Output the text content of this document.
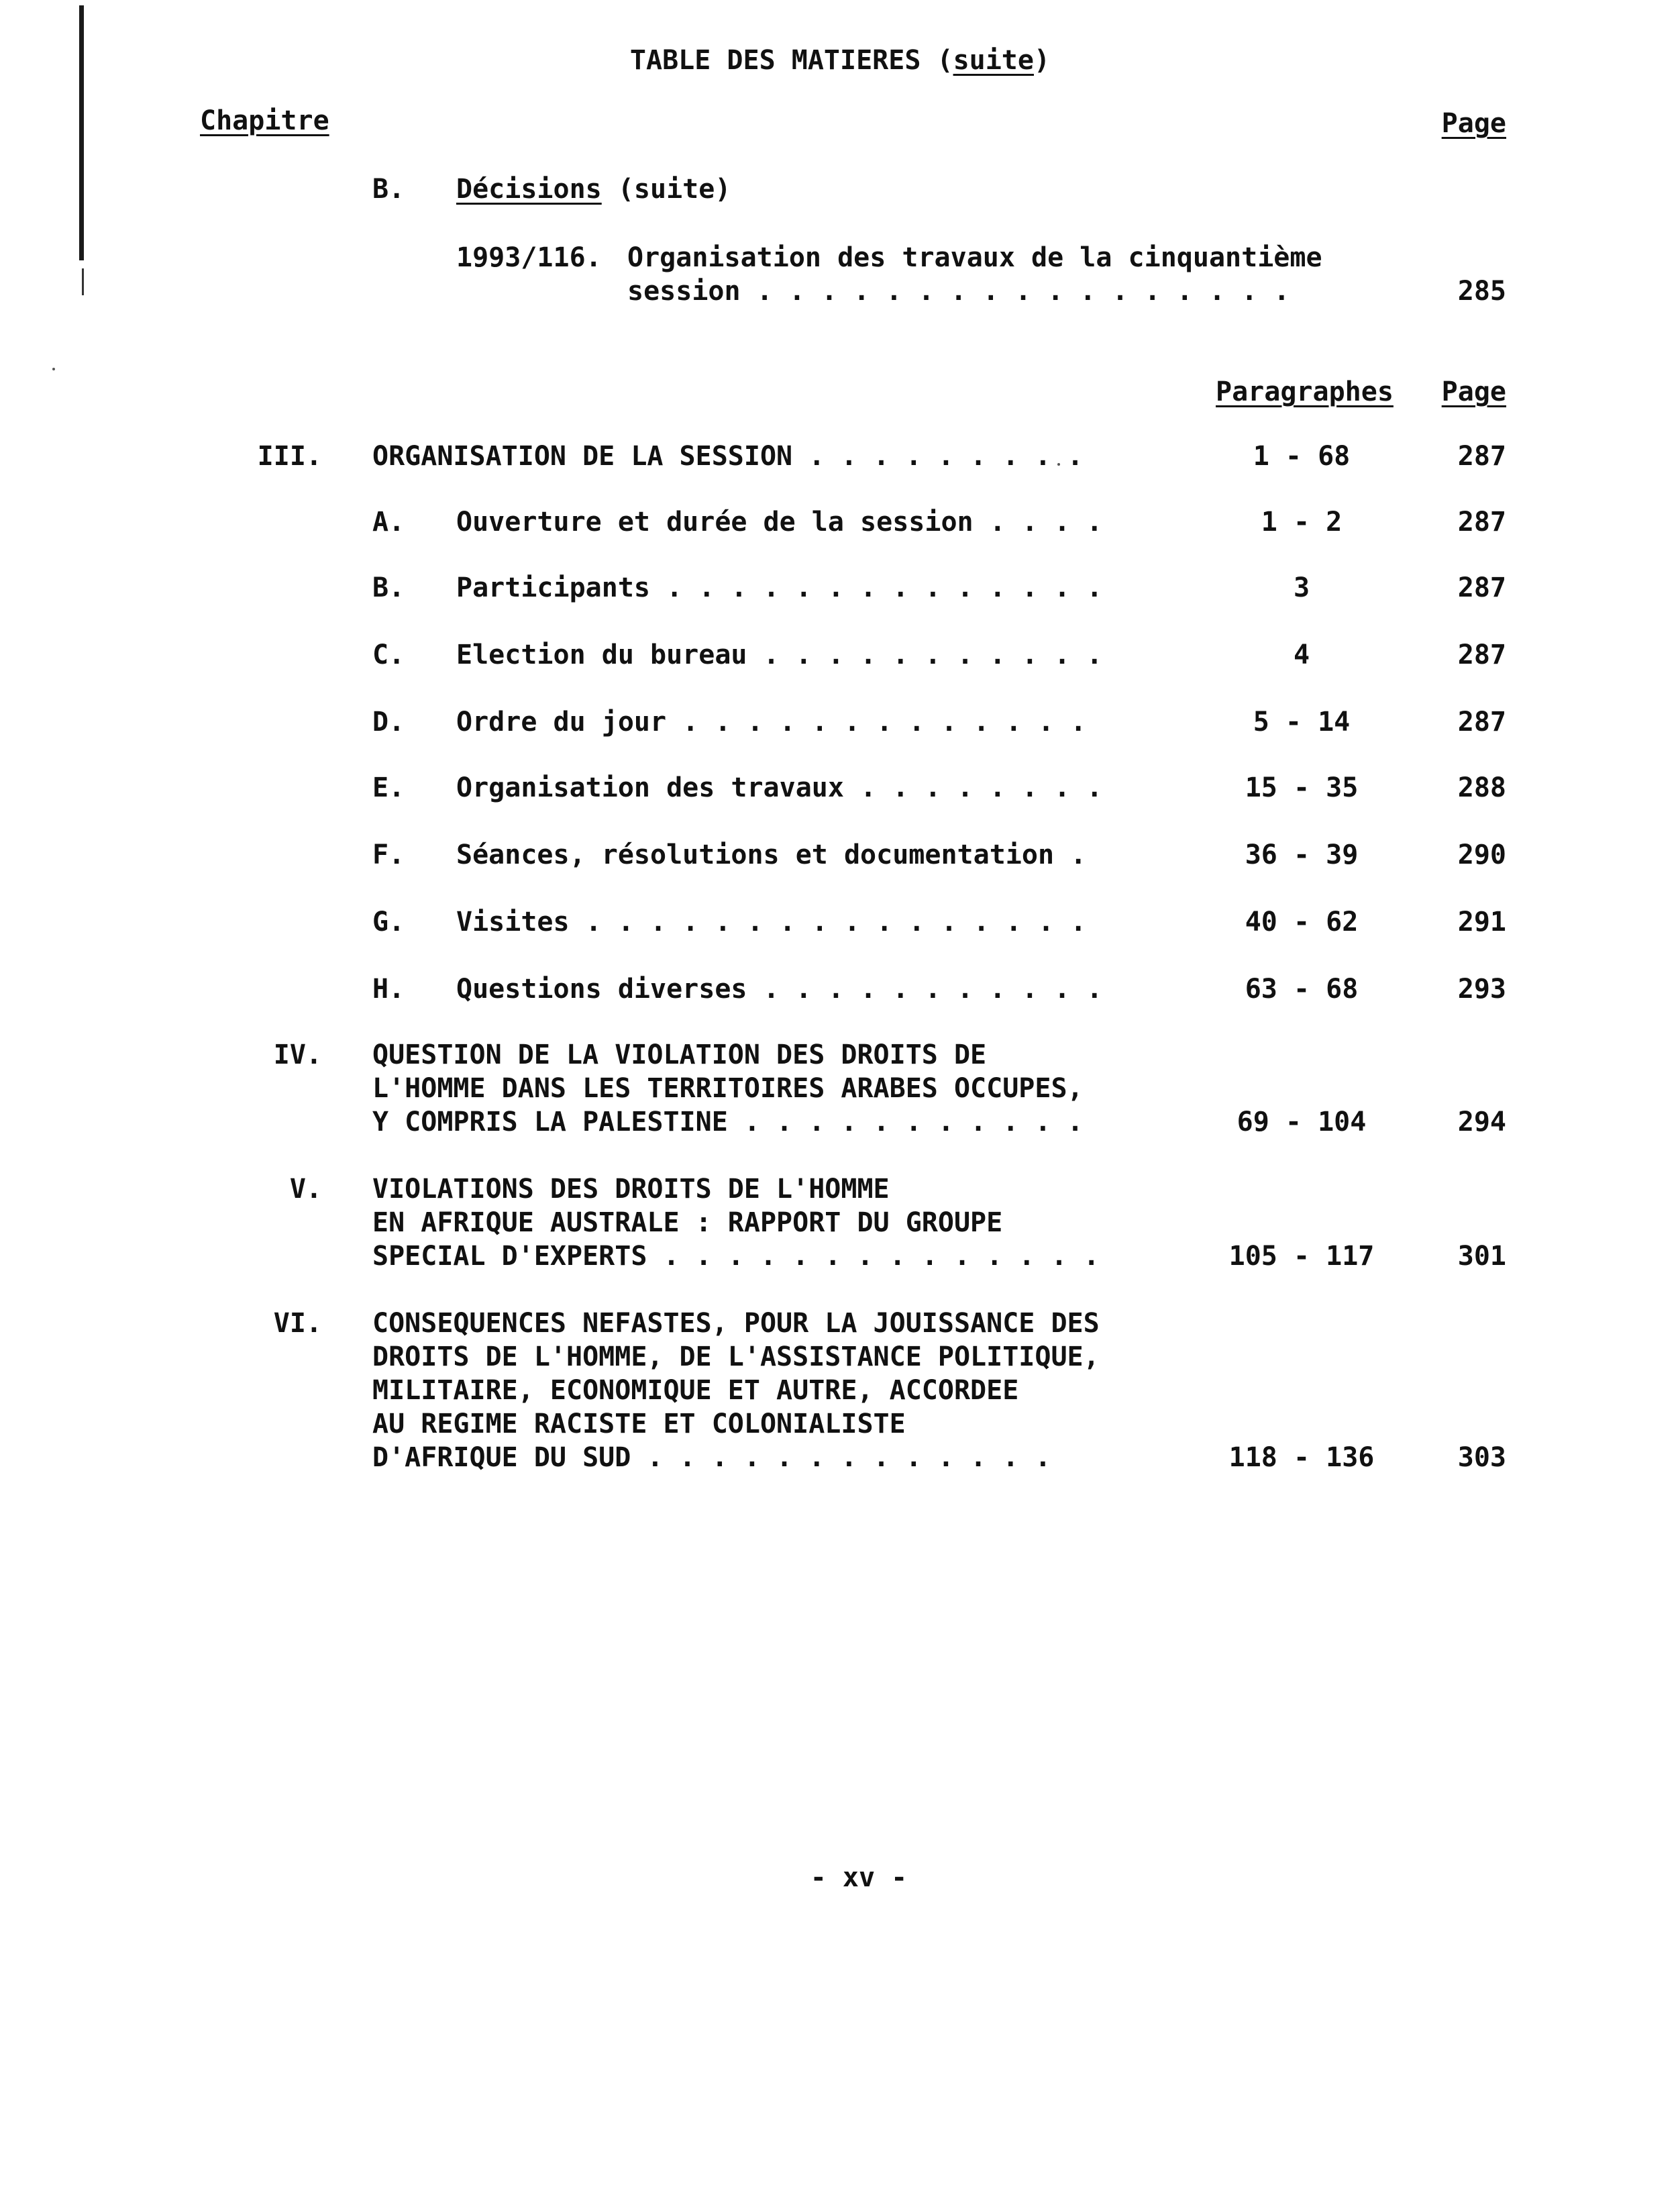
TABLE DES MATIERES (suite)
Chapitre	Page
B. Décisions (suite)
1993/116. Organisation des travaux de la cinquantième
session . . . . . . . . . . . . . . . . .	285
Paragraphes	Page
III. ORGANISATION DE LA SESSION . . . . . . . . .	1 - 68	287
A. Ouverture et durée de la session . . . .	1 - 2	287
B. Participants . . . . . . . . . . . . . .	3	287
C. Election du bureau . . . . . . . . . . .	4	287
D. Ordre du jour . . . . . . . . . . . . .	5 - 14	287
E. Organisation des travaux . . . . . . . .	15 - 35	288
F. Séances, résolutions et documentation .	36 - 39	290
G. Visites . . . . . . . . . . . . . . . .	40 - 62	291
H. Questions diverses . . . . . . . . . . .	63 - 68	293
IV. QUESTION DE LA VIOLATION DES DROITS DE
L'HOMME DANS LES TERRITOIRES ARABES OCCUPES,
Y COMPRIS LA PALESTINE . . . . . . . . . . .	69 - 104	294
V. VIOLATIONS DES DROITS DE L'HOMME
EN AFRIQUE AUSTRALE : RAPPORT DU GROUPE
SPECIAL D'EXPERTS . . . . . . . . . . . . . .	105 - 117	301
VI. CONSEQUENCES NEFASTES, POUR LA JOUISSANCE DES
DROITS DE L'HOMME, DE L'ASSISTANCE POLITIQUE,
MILITAIRE, ECONOMIQUE ET AUTRE, ACCORDEE
AU REGIME RACISTE ET COLONIALISTE
D'AFRIQUE DU SUD . . . . . . . . . . . . .	118 - 136	303
- xv -
